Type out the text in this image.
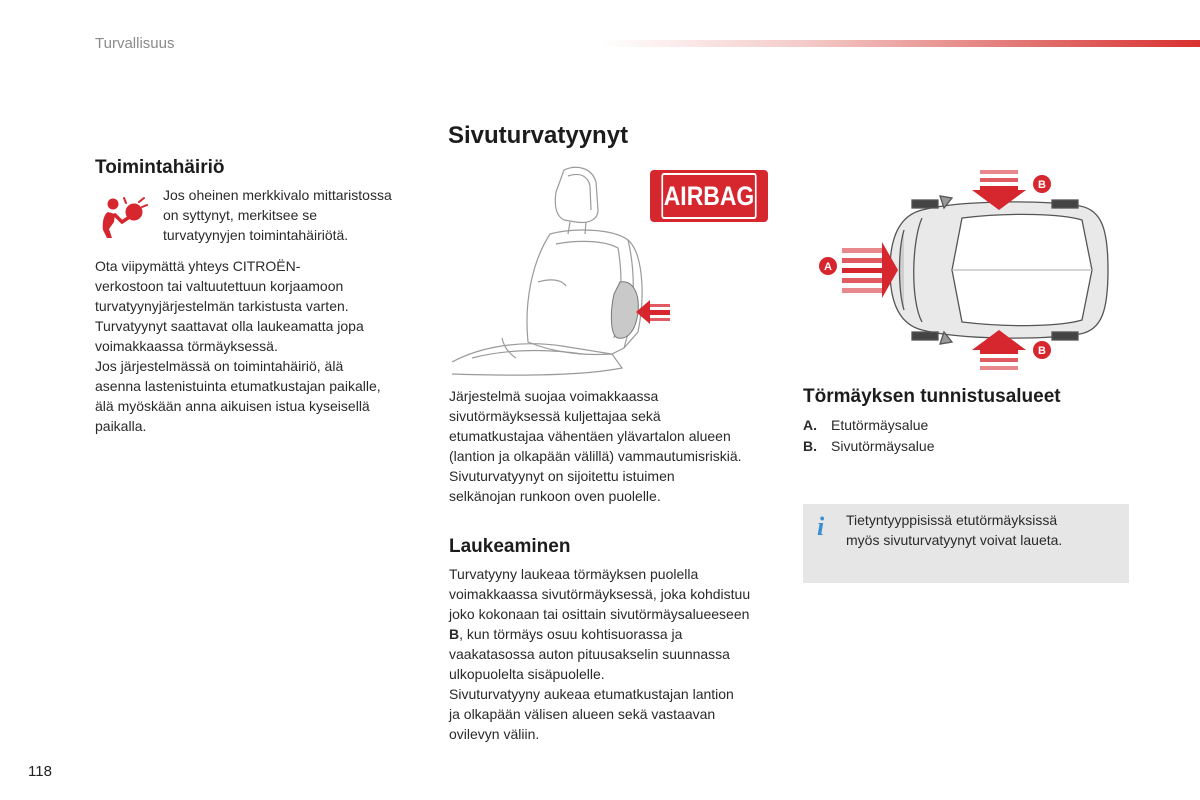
Turvallisuus
Toimintahäiriö

Jos oheinen merkkivalo mittaristossa

on syttynyt, merkitsee se

turvatyynyjen toimintahäiriötä.

Ota viipymättä yhteys CITROËN-

verkostoon tai valtuutettuun korjaamoon

turvatyynyjärjestelmän tarkistusta varten.

Turvatyynyt saattavat olla laukeamatta jopa

voimakkaassa törmäyksessä.

Jos järjestelmässä on toimintahäiriö, älä

asenna lastenistuinta etumatkustajan paikalle,

älä myöskään anna aikuisen istua kyseisellä

paikalla.

Sivuturvatyynyt
AIRBAG

Järjestelmä suojaa voimakkaassa

sivutörmäyksessä kuljettajaa sekä

etumatkustajaa vähentäen ylävartalon alueen

(lantion ja olkapään välillä) vammautumisriskiä.

Sivuturvatyynyt on sijoitettu istuimen

selkänojan runkoon oven puolelle.

Laukeaminen

Turvatyyny laukeaa törmäyksen puolella

voimakkaassa sivutörmäyksessä, joka kohdistuu

joko kokonaan tai osittain sivutörmäysalueeseen

B, kun törmäys osuu kohtisuorassa ja

vaakatasossa auton pituusakselin suunnassa

ulkopuolelta sisäpuolelle.

Sivuturvatyyny aukeaa etumatkustajan lantion

ja olkapään välisen alueen sekä vastaavan

ovilevyn väliin.

A
B
B
Törmäyksen tunnistusalueet
A.	Etutörmäysalue
B.	Sivutörmäysalue
i Tietyntyyppisissä etutörmäyksissä

myös sivuturvatyynyt voivat laueta.

118
